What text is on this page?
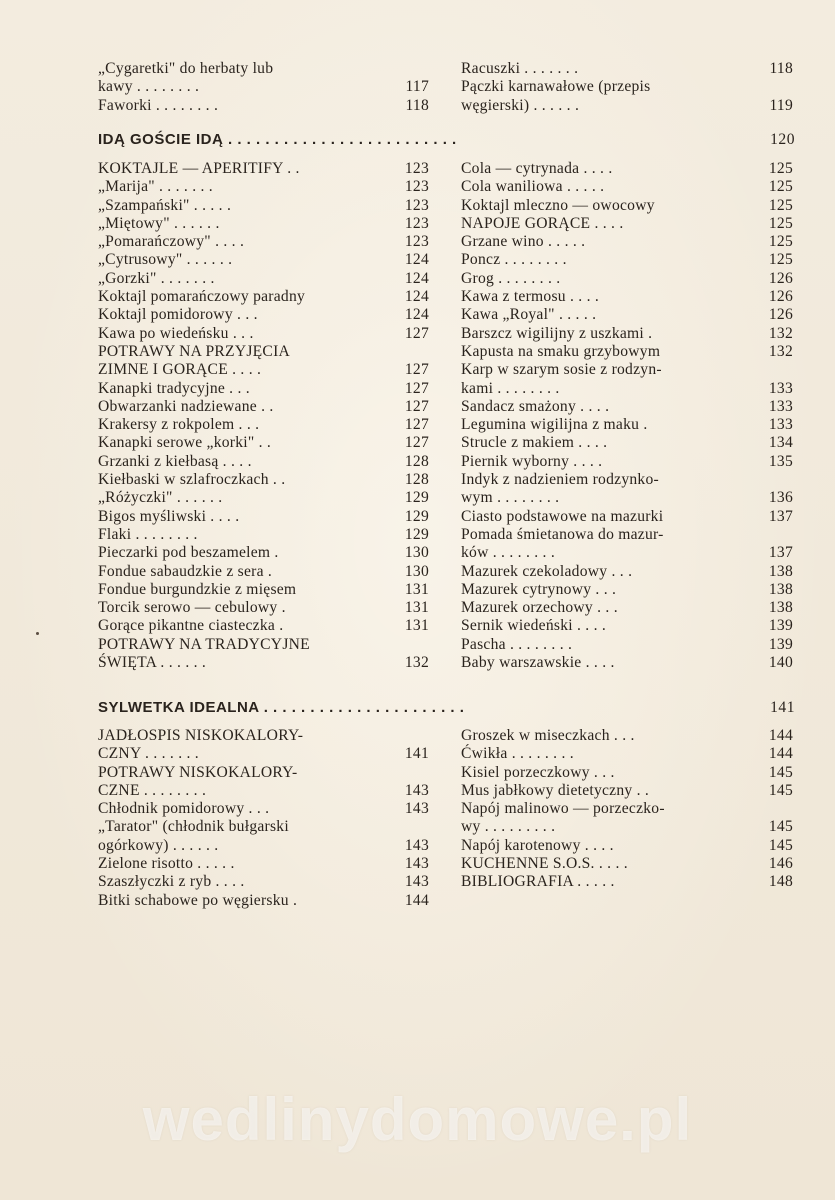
„Cygaretki" do herbaty lub
kawy . . . . . . . .	117
Faworki . . . . . . . .	118
Racuszki . . . . . . .	118
Pączki karnawałowe (przepis
węgierski) . . . . . .	119
IDĄ GOŚCIE IDĄ . . . . . . . . . . . . . . . . . . . . . . . . .	120
KOKTAJLE — APERITIFY . .	123
„Marija" . . . . . . .	123
„Szampański" . . . . .	123
„Miętowy" . . . . . .	123
„Pomarańczowy" . . . .	123
„Cytrusowy" . . . . . .	124
„Gorzki" . . . . . . .	124
Koktajl pomarańczowy paradny	124
Koktajl pomidorowy . . .	124
Kawa po wiedeńsku . . .	127
POTRAWY NA PRZYJĘCIA
ZIMNE I GORĄCE . . . .	127
Kanapki tradycyjne . . .	127
Obwarzanki nadziewane . .	127
Krakersy z rokpolem . . .	127
Kanapki serowe „korki" . .	127
Grzanki z kiełbasą . . . .	128
Kiełbaski w szlafroczkach . .	128
„Różyczki" . . . . . .	129
Bigos myśliwski . . . .	129
Flaki . . . . . . . .	129
Pieczarki pod beszamelem .	130
Fondue sabaudzkie z sera .	130
Fondue burgundzkie z mięsem	131
Torcik serowo — cebulowy .	131
Gorące pikantne ciasteczka .	131
POTRAWY NA TRADYCYJNE
ŚWIĘTA . . . . . .	132
Cola — cytrynada . . . .	125
Cola waniliowa . . . . .	125
Koktajl mleczno — owocowy	125
NAPOJE GORĄCE . . . .	125
Grzane wino . . . . .	125
Poncz . . . . . . . .	125
Grog . . . . . . . .	126
Kawa z termosu . . . .	126
Kawa „Royal" . . . . .	126
Barszcz wigilijny z uszkami .	132
Kapusta na smaku grzybowym	132
Karp w szarym sosie z rodzyn-
kami . . . . . . . .	133
Sandacz smażony . . . .	133
Legumina wigilijna z maku .	133
Strucle z makiem . . . .	134
Piernik wyborny . . . .	135
Indyk z nadzieniem rodzynko-
wym . . . . . . . .	136
Ciasto podstawowe na mazurki	137
Pomada śmietanowa do mazur-
ków . . . . . . . .	137
Mazurek czekoladowy . . .	138
Mazurek cytrynowy . . .	138
Mazurek orzechowy . . .	138
Sernik wiedeński . . . .	139
Pascha . . . . . . . .	139
Baby warszawskie . . . .	140
SYLWETKA IDEALNA . . . . . . . . . . . . . . . . . . . . . .	141
JADŁOSPIS NISKOKALORY-
CZNY . . . . . . .	141
POTRAWY NISKOKALORY-
CZNE . . . . . . . .	143
Chłodnik pomidorowy . . .	143
„Tarator" (chłodnik bułgarski
ogórkowy) . . . . . .	143
Zielone risotto . . . . .	143
Szaszłyczki z ryb . . . .	143
Bitki schabowe po węgiersku .	144
Groszek w miseczkach . . .	144
Ćwikła . . . . . . . .	144
Kisiel porzeczkowy . . .	145
Mus jabłkowy dietetyczny . .	145
Napój malinowo — porzeczko-
wy . . . . . . . . .	145
Napój karotenowy . . . .	145
KUCHENNE S.O.S. . . . .	146
BIBLIOGRAFIA . . . . .	148
wedlinydomowe.pl
